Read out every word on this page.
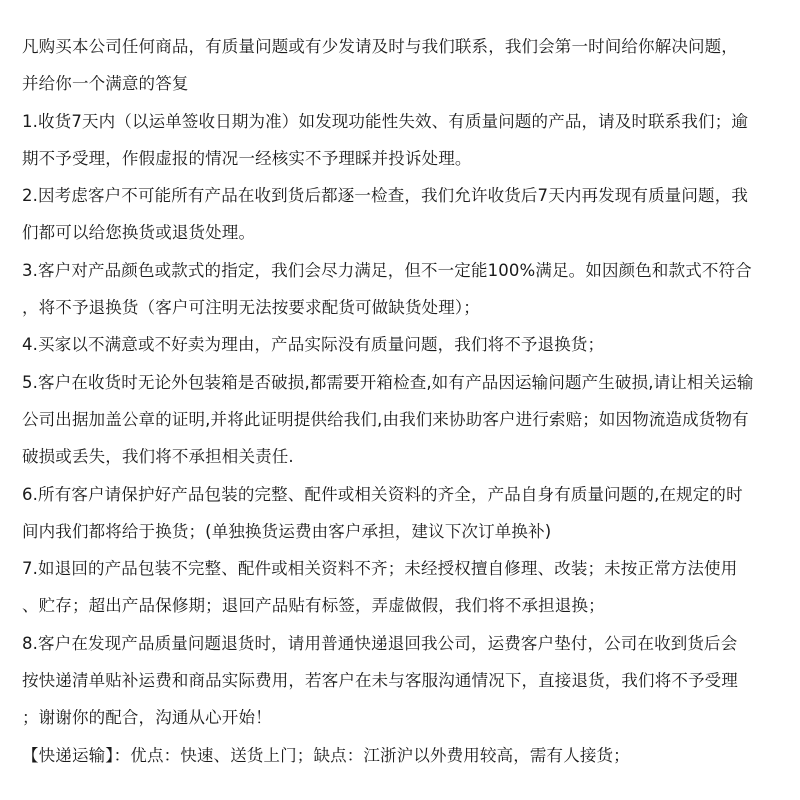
凡购买本公司任何商品，有质量问题或有少发请及时与我们联系，我们会第一时间给你解决问题，
并给你一个满意的答复
1.收货7天内（以运单签收日期为准）如发现功能性失效、有质量问题的产品，请及时联系我们；逾
期不予受理，作假虚报的情况一经核实不予理睬并投诉处理。
2.因考虑客户不可能所有产品在收到货后都逐一检查，我们允许收货后7天内再发现有质量问题，我
们都可以给您换货或退货处理。
3.客户对产品颜色或款式的指定，我们会尽力满足，但不一定能100%满足。如因颜色和款式不符合
，将不予退换货（客户可注明无法按要求配货可做缺货处理）；
4.买家以不满意或不好卖为理由，产品实际没有质量问题，我们将不予退换货；
5.客户在收货时无论外包装箱是否破损,都需要开箱检查,如有产品因运输问题产生破损,请让相关运输
公司出据加盖公章的证明,并将此证明提供给我们,由我们来协助客户进行索赔；如因物流造成货物有
破损或丢失，我们将不承担相关责任.
6.所有客户请保护好产品包装的完整、配件或相关资料的齐全，产品自身有质量问题的,在规定的时
间内我们都将给于换货；(单独换货运费由客户承担，建议下次订单换补)
7.如退回的产品包装不完整、配件或相关资料不齐；未经授权擅自修理、改装；未按正常方法使用
、贮存；超出产品保修期；退回产品贴有标签，弄虚做假，我们将不承担退换；
8.客户在发现产品质量问题退货时，请用普通快递退回我公司，运费客户垫付，公司在收到货后会
按快递清单贴补运费和商品实际费用，若客户在未与客服沟通情况下，直接退货，我们将不予受理
；谢谢你的配合，沟通从心开始！
【快递运输】：优点：快速、送货上门；缺点：江浙沪以外费用较高，需有人接货；
